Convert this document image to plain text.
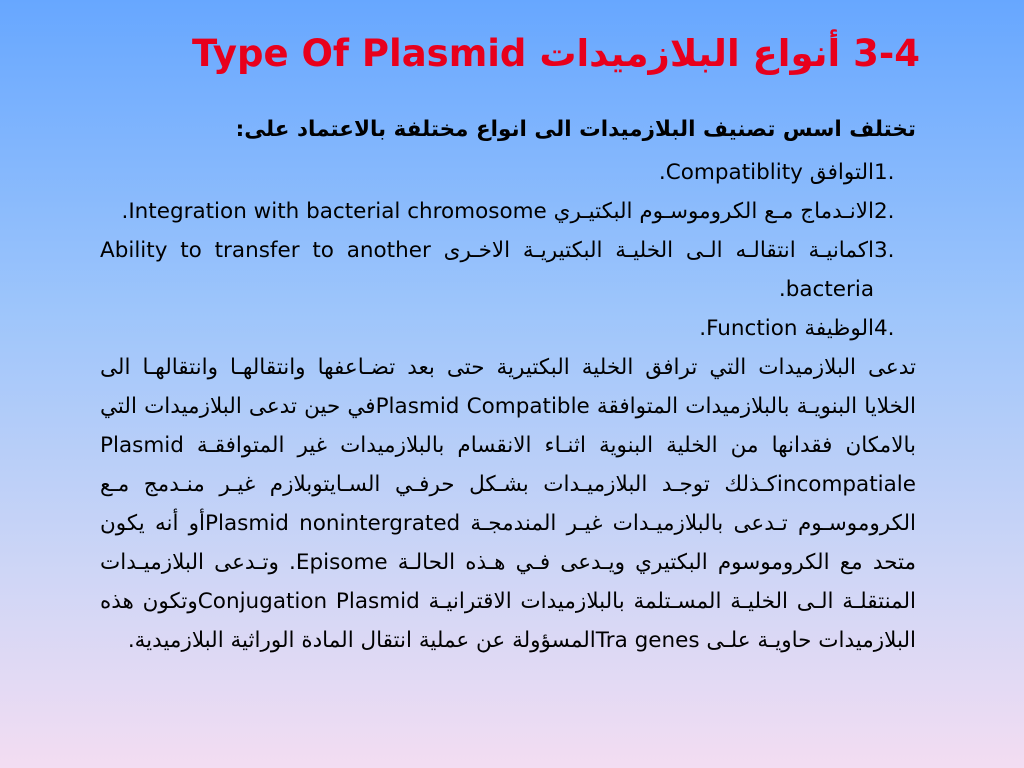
3-4 أنواع البلازميدات Type Of Plasmid

تختلف اسس تصنيف البلازميدات الى انواع مختلفة بالاعتماد على:

1.
التوافق Compatiblity.
2.
الانـدماج مـع الكروموسـوم البكتيـري Integration with bacterial chromosome.
3.
اكمانيـة انتقالـه الـى الخليـة البكتيريـة الاخـرى Ability to transfer to another bacteria.
4.
الوظيفة Function.

تدعى البلازميدات التي ترافق الخلية البكتيرية حتى بعد تضـاعفها وانتقالهـا وانتقالهـا الى الخلايا البنويـة بالبلازميدات المتوافقة Plasmid Compatibleفي حين تدعى البلازميدات التي بالامكان فقدانها من الخلية البنوية اثنـاء الانقسام بالبلازميدات غير المتوافقـة Plasmid incompatialeكـذلك توجـد البلازميـدات بشـكل حرفـي السـايتوبلازم غيـر منـدمج مـع الكروموسـوم تـدعى بالبلازميـدات غيـر المندمجـة Plasmid nonintergratedأو أنه يكون متحد مع الكروموسوم البكتيري ويـدعى فـي هـذه الحالـة Episome. وتـدعى البلازميـدات المنتقلـة الـى الخليـة المسـتلمة بالبلازميدات الاقترانيـة Conjugation Plasmidوتكون هذه البلازميدات حاويـة علـى Tra genesالمسؤولة عن عملية انتقال المادة الوراثية البلازميدية.
